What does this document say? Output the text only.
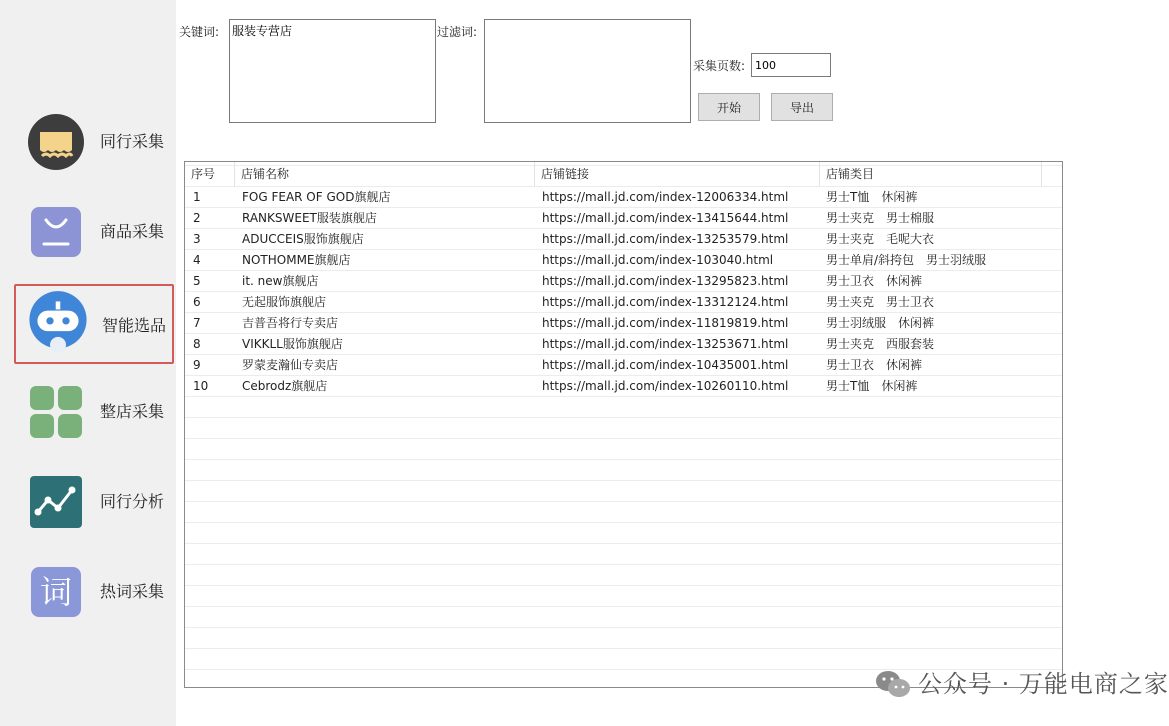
同行采集
商品采集
智能选品
整店采集
同行分析
词 热词采集
关键词:
服装专营店	过滤词:
采集页数:
100
开始	导出
序号	店铺名称	店铺链接	店铺类目
1	FOG FEAR OF GOD旗舰店	https://mall.jd.com/index-12006334.html	男士T恤　休闲裤
2	RANKSWEET服装旗舰店	https://mall.jd.com/index-13415644.html	男士夹克　男士棉服
3	ADUCCEIS服饰旗舰店	https://mall.jd.com/index-13253579.html	男士夹克　毛呢大衣
4	NOTHOMME旗舰店	https://mall.jd.com/index-103040.html	男士单肩/斜挎包　男士羽绒服
5	it. new旗舰店	https://mall.jd.com/index-13295823.html	男士卫衣　休闲裤
6	无起服饰旗舰店	https://mall.jd.com/index-13312124.html	男士夹克　男士卫衣
7	吉普吾将行专卖店	https://mall.jd.com/index-11819819.html	男士羽绒服　休闲裤
8	VIKKLL服饰旗舰店	https://mall.jd.com/index-13253671.html	男士夹克　西服套装
9	罗蒙麦瀚仙专卖店	https://mall.jd.com/index-10435001.html	男士卫衣　休闲裤
10	Cebrodz旗舰店	https://mall.jd.com/index-10260110.html	男士T恤　休闲裤
公众号 · 万能电商之家
